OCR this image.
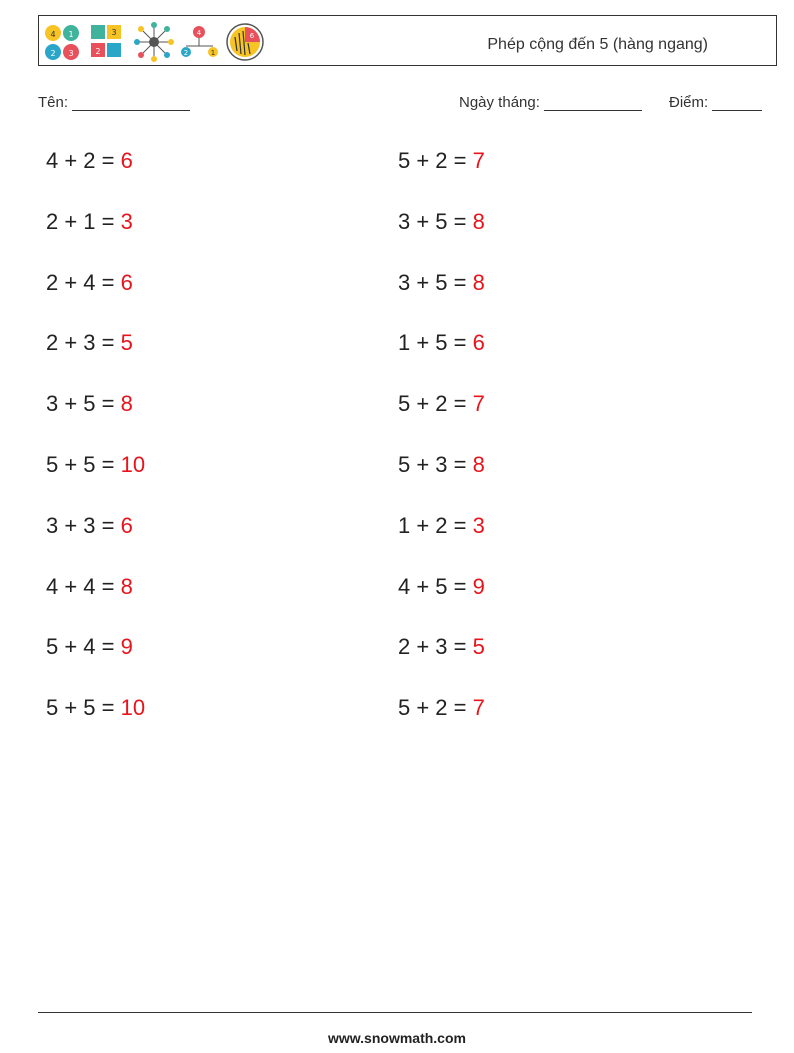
4 1
2 3
3
2
4
2	1
6	Phép cộng đến 5 (hàng ngang)
Tên:	Ngày tháng:	Điểm:
4 + 2 = 6
2 + 1 = 3
2 + 4 = 6
2 + 3 = 5
3 + 5 = 8
5 + 5 = 10
3 + 3 = 6
4 + 4 = 8
5 + 4 = 9
5 + 5 = 10
5 + 2 = 7
3 + 5 = 8
3 + 5 = 8
1 + 5 = 6
5 + 2 = 7
5 + 3 = 8
1 + 2 = 3
4 + 5 = 9
2 + 3 = 5
5 + 2 = 7
www.snowmath.com
